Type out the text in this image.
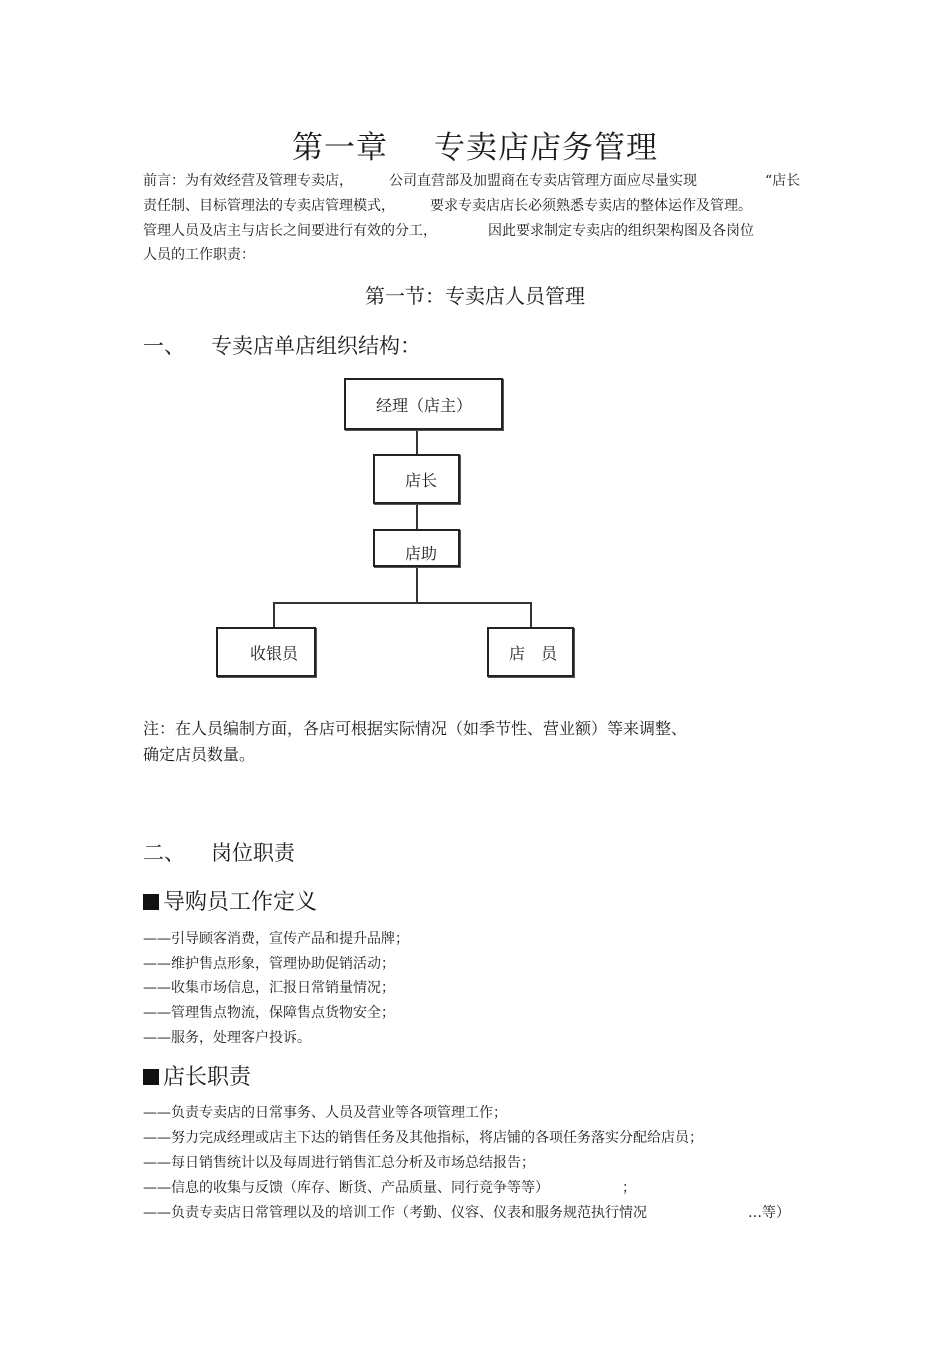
第一章 专卖店店务管理
前言：为有效经营及管理专卖店，	公司直营部及加盟商在专卖店管理方面应尽量实现	“店长
责任制、目标管理法的专卖店管理模式，	要求专卖店店长必须熟悉专卖店的整体运作及管理。
管理人员及店主与店长之间要进行有效的分工，	因此要求制定专卖店的组织架构图及各岗位
人员的工作职责：
第一节：专卖店人员管理
一、 专卖店单店组织结构：
经理（店主）
店长
店助
收银员	店　员
注：在人员编制方面，各店可根据实际情况（如季节性、营业额）等来调整、
确定店员数量。
二、 岗位职责
导购员工作定义
——引导顾客消费，宣传产品和提升品牌；
——维护售点形象，管理协助促销活动；
——收集市场信息，汇报日常销量情况；
——管理售点物流，保障售点货物安全；
——服务，处理客户投诉。
店长职责
——负责专卖店的日常事务、人员及营业等各项管理工作；
——努力完成经理或店主下达的销售任务及其他指标，将店铺的各项任务落实分配给店员；
——每日销售统计以及每周进行销售汇总分析及市场总结报告；
——信息的收集与反馈（库存、断货、产品质量、同行竞争等等）	；
——负责专卖店日常管理以及的培训工作（考勤、仪容、仪表和服务规范执行情况	…等）
